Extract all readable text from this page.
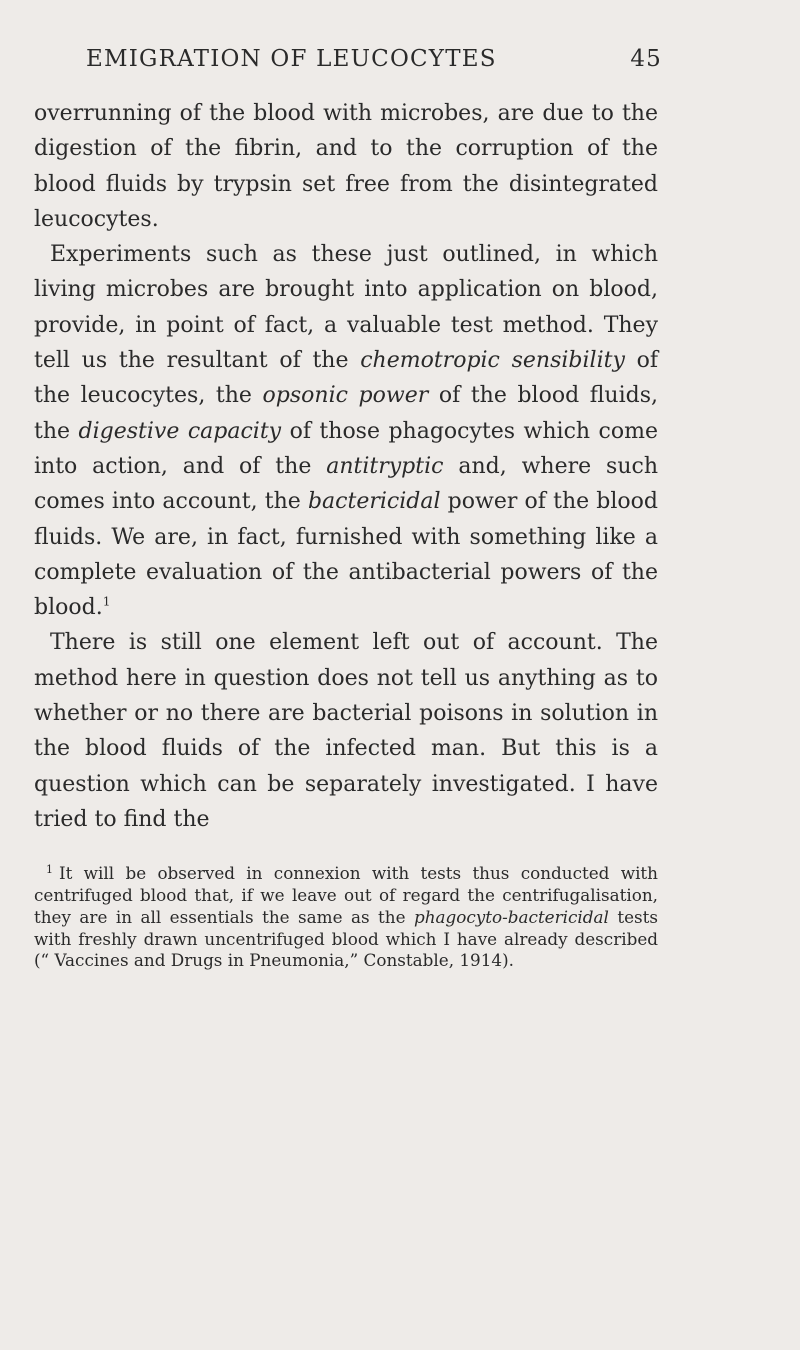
EMIGRATION OF LEUCOCYTES	45

overrunning of the blood with microbes, are due to the digestion of the fibrin, and to the corruption of the blood fluids by trypsin set free from the disintegrated leucocytes.

Experiments such as these just outlined, in which living microbes are brought into application on blood, provide, in point of fact, a valuable test method. They tell us the resultant of the chemotropic sensibility of the leucocytes, the opsonic power of the blood fluids, the digestive capacity of those phagocytes which come into action, and of the antitryptic and, where such comes into account, the bactericidal power of the blood fluids. We are, in fact, furnished with something like a complete evaluation of the antibacterial powers of the blood.$^1$

There is still one element left out of account. The method here in question does not tell us anything as to whether or no there are bacterial poisons in solution in the blood fluids of the infected man. But this is a question which can be separately investigated. I have tried to find the

$^1$ It will be observed in connexion with tests thus conducted with centrifuged blood that, if we leave out of regard the centrifugalisation, they are in all essentials the same as the phagocyto-bactericidal tests with freshly drawn uncentrifuged blood which I have already described (“ Vaccines and Drugs in Pneumonia,” Constable, 1914).
